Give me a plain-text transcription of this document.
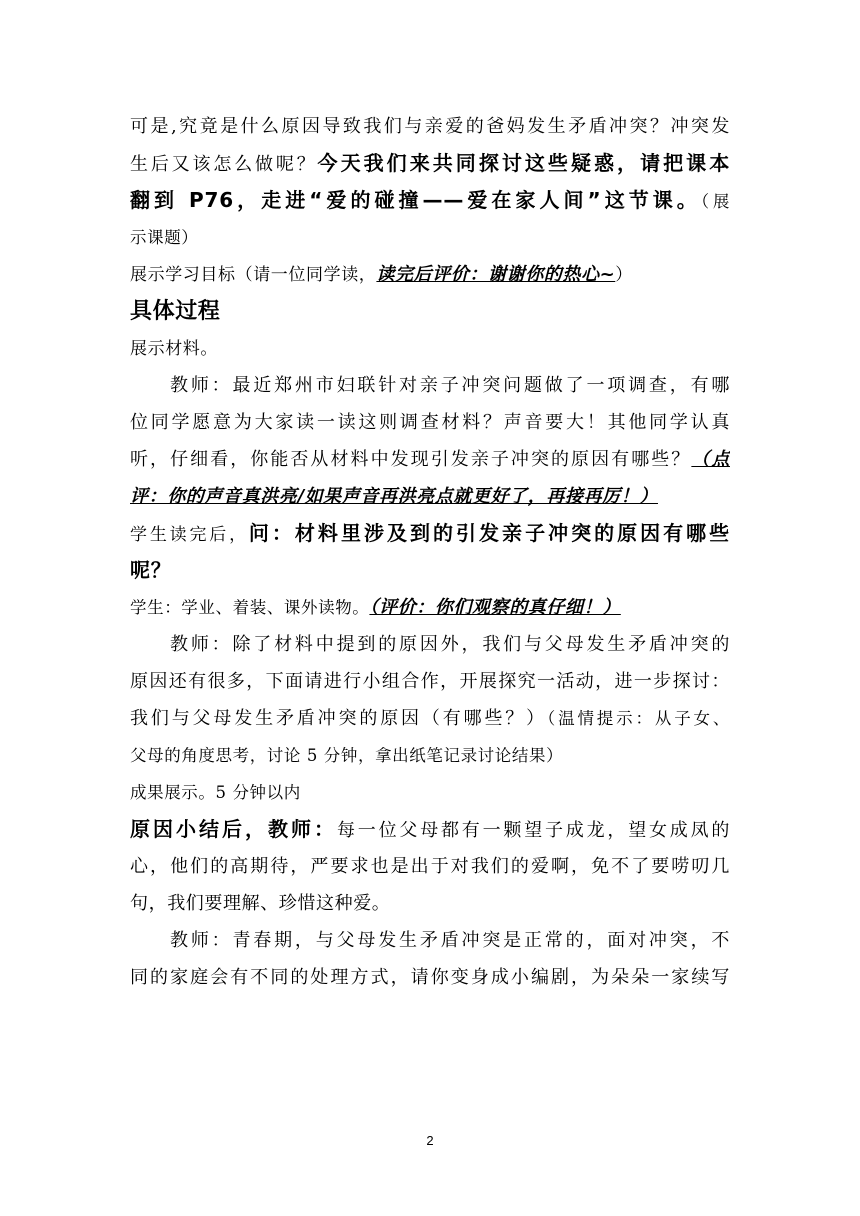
可是,究竟是什么原因导致我们与亲爱的爸妈发生矛盾冲突？冲突发
生后又该怎么做呢？今天我们来共同探讨这些疑惑，请把课本
翻到 P76，走进“爱的碰撞——爱在家人间”这节课。（展
示课题）
展示学习目标（请一位同学读，读完后评价：谢谢你的热心~）
具体过程
展示材料。
教师：最近郑州市妇联针对亲子冲突问题做了一项调查，有哪
位同学愿意为大家读一读这则调查材料？声音要大！其他同学认真
听，仔细看，你能否从材料中发现引发亲子冲突的原因有哪些？（点
评：你的声音真洪亮/如果声音再洪亮点就更好了，再接再厉！）
学生读完后，问：材料里涉及到的引发亲子冲突的原因有哪些
呢？
学生：学业、着装、课外读物。（评价：你们观察的真仔细！）
教师：除了材料中提到的原因外，我们与父母发生矛盾冲突的
原因还有很多，下面请进行小组合作，开展探究一活动，进一步探讨：
我们与父母发生矛盾冲突的原因（有哪些？）（温情提示：从子女、
父母的角度思考，讨论 5 分钟，拿出纸笔记录讨论结果）
成果展示。5 分钟以内
原因小结后，教师：每一位父母都有一颗望子成龙，望女成凤的
心，他们的高期待，严要求也是出于对我们的爱啊，免不了要唠叨几
句，我们要理解、珍惜这种爱。
教师：青春期，与父母发生矛盾冲突是正常的，面对冲突，不
同的家庭会有不同的处理方式，请你变身成小编剧，为朵朵一家续写
2
